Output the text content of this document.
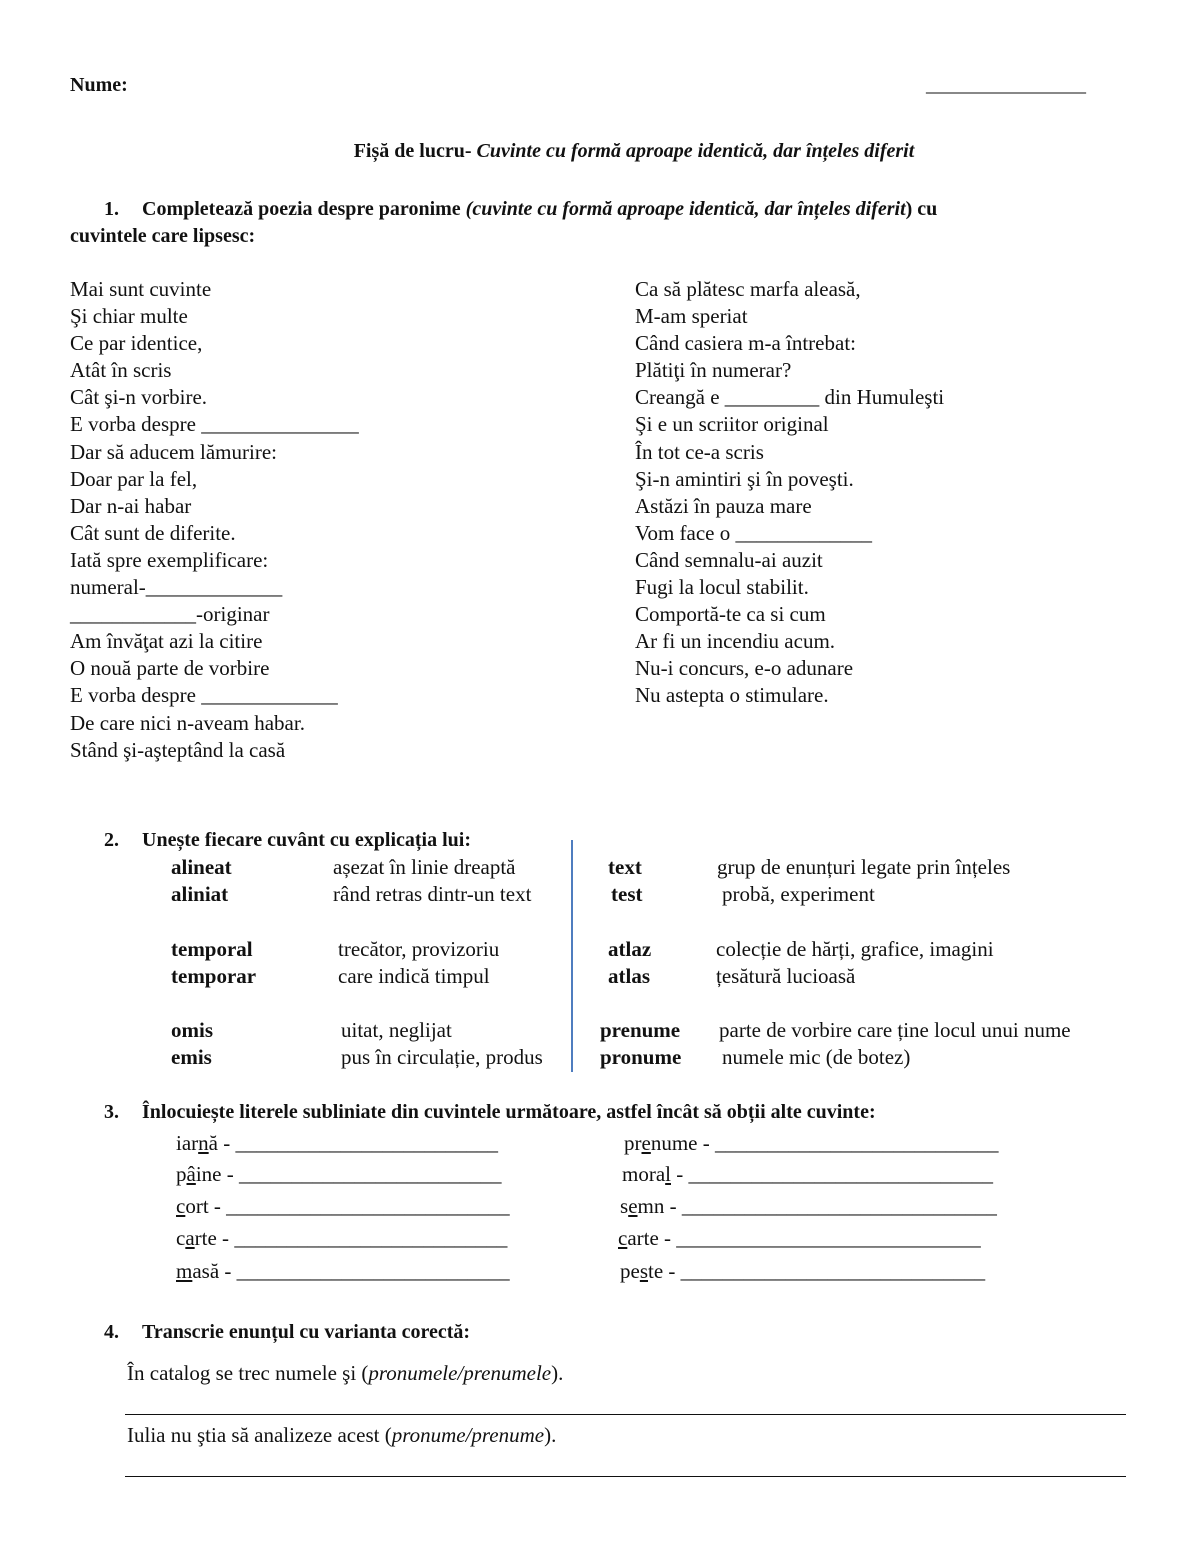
Nume:	________________
Fișă de lucru- Cuvinte cu formă aproape identică, dar înțeles diferit
1. Completează poezia despre paronime (cuvinte cu formă aproape identică, dar înțeles diferit) cu
cuvintele care lipsesc:
Mai sunt cuvinte
Şi chiar multe
Ce par identice,
Atât în scris
Cât şi-n vorbire.
E vorba despre _______________
Dar să aducem lămurire:
Doar par la fel,
Dar n-ai habar
Cât sunt de diferite.
Iată spre exemplificare:
numeral-_____________
____________-originar
Am învăţat azi la citire
O nouă parte de vorbire
E vorba despre _____________
De care nici n-aveam habar.
Stând şi-aşteptând la casă
Ca să plătesc marfa aleasă,
M-am speriat
Când casiera m-a întrebat:
Plătiţi în numerar?
Creangă e _________ din Humuleşti
Şi e un scriitor original
În tot ce-a scris
Şi-n amintiri şi în poveşti.
Astăzi în pauza mare
Vom face o _____________
Când semnalu-ai auzit
Fugi la locul stabilit.
Comportă-te ca si cum
Ar fi un incendiu acum.
Nu-i concurs, e-o adunare
Nu astepta o stimulare.
2. Unește fiecare cuvânt cu explicația lui:
alineat
aliniat
temporal
temporar
omis
emis
așezat în linie dreaptă
rând retras dintr-un text
trecător, provizoriu
care indică timpul
uitat, neglijat
pus în circulație, produs
text
test
atlaz
atlas
prenume
pronume
grup de enunțuri legate prin înțeles
probă, experiment
colecție de hărți, grafice, imagini
țesătură lucioasă
parte de vorbire care ține locul unui nume
numele mic (de botez)
3. Înlocuiește literele subliniate din cuvintele următoare, astfel încât să obții alte cuvinte:
iarnă - _________________________
pâine - _________________________
cort - ___________________________
carte - __________________________
masă - __________________________
prenume - ___________________________
moral - _____________________________
semn - ______________________________
carte - _____________________________
peste - _____________________________
4. Transcrie enunțul cu varianta corectă:
În catalog se trec numele şi (pronumele/prenumele).
Iulia nu ştia să analizeze acest (pronume/prenume).
